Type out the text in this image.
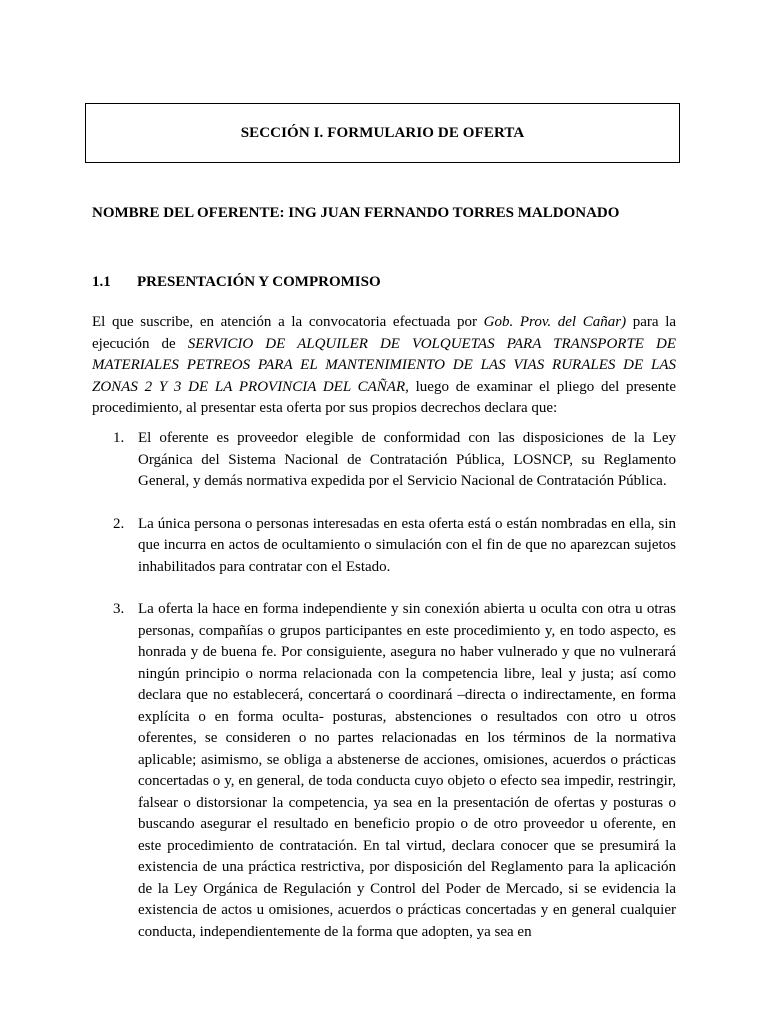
SECCIÓN I. FORMULARIO DE OFERTA
NOMBRE DEL OFERENTE: ING JUAN FERNANDO TORRES MALDONADO
1.1 PRESENTACIÓN Y COMPROMISO

El que suscribe, en atención a la convocatoria efectuada por Gob. Prov. del Cañar) para la ejecución de SERVICIO DE ALQUILER DE VOLQUETAS PARA TRANSPORTE DE MATERIALES PETREOS PARA EL MANTENIMIENTO DE LAS VIAS RURALES DE LAS ZONAS 2 Y 3 DE LA PROVINCIA DEL CAÑAR, luego de examinar el pliego del presente procedimiento, al presentar esta oferta por sus propios decrechos declara que:

1. El oferente es proveedor elegible de conformidad con las disposiciones de la Ley Orgánica del Sistema Nacional de Contratación Pública, LOSNCP, su Reglamento General, y demás normativa expedida por el Servicio Nacional de Contratación Pública.
2. La única persona o personas interesadas en esta oferta está o están nombradas en ella, sin que incurra en actos de ocultamiento o simulación con el fin de que no aparezcan sujetos inhabilitados para contratar con el Estado.
3. La oferta la hace en forma independiente y sin conexión abierta u oculta con otra u otras personas, compañías o grupos participantes en este procedimiento y, en todo aspecto, es honrada y de buena fe. Por consiguiente, asegura no haber vulnerado y que no vulnerará ningún principio o norma relacionada con la competencia libre, leal y justa; así como declara que no establecerá, concertará o coordinará –directa o indirectamente, en forma explícita o en forma oculta- posturas, abstenciones o resultados con otro u otros oferentes, se consideren o no partes relacionadas en los términos de la normativa aplicable; asimismo, se obliga a abstenerse de acciones, omisiones, acuerdos o prácticas concertadas o y, en general, de toda conducta cuyo objeto o efecto sea impedir, restringir, falsear o distorsionar la competencia, ya sea en la presentación de ofertas y posturas o buscando asegurar el resultado en beneficio propio o de otro proveedor u oferente, en este procedimiento de contratación. En tal virtud, declara conocer que se presumirá la existencia de una práctica restrictiva, por disposición del Reglamento para la aplicación de la Ley Orgánica de Regulación y Control del Poder de Mercado, si se evidencia la existencia de actos u omisiones, acuerdos o prácticas concertadas y en general cualquier conducta, independientemente de la forma que adopten, ya sea en
